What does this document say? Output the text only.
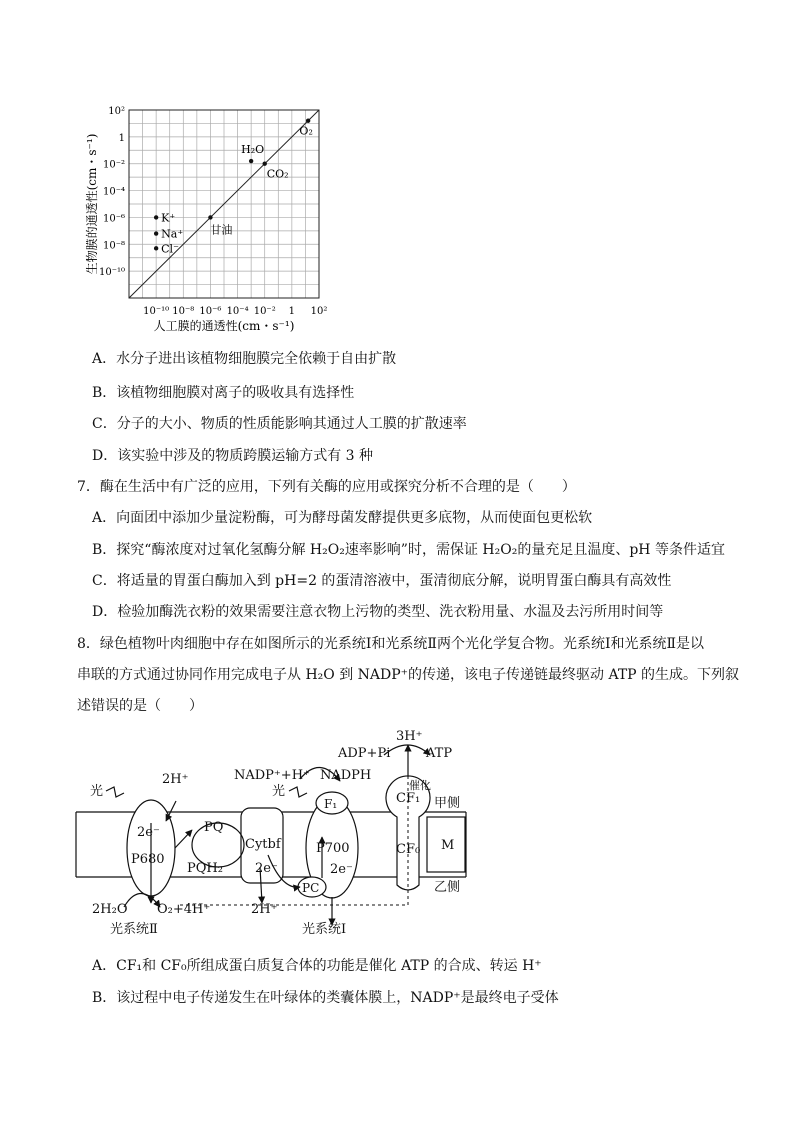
O₂
H₂O
CO₂
甘油
K⁺
Na⁺
Cl⁻
10⁻¹⁰ 10⁻⁸ 10⁻⁶ 10⁻⁴ 10⁻² 1 10²
10²
1
10⁻²
10⁻⁴
10⁻⁶
10⁻⁸
10⁻¹⁰
人工膜的通透性(cm・s⁻¹)
生物膜的通透性(cm・s⁻¹)
A．水分子进出该植物细胞膜完全依赖于自由扩散
B．该植物细胞膜对离子的吸收具有选择性
C．分子的大小、物质的性质能影响其通过人工膜的扩散速率
D．该实验中涉及的物质跨膜运输方式有 3 种
7．酶在生活中有广泛的应用，下列有关酶的应用或探究分析不合理的是（　　）
A．向面团中添加少量淀粉酶，可为酵母菌发酵提供更多底物，从而使面包更松软
B．探究“酶浓度对过氧化氢酶分解 H₂O₂速率影响”时，需保证 H₂O₂的量充足且温度、pH 等条件适宜
C．将适量的胃蛋白酶加入到 pH=2 的蛋清溶液中，蛋清彻底分解，说明胃蛋白酶具有高效性
D．检验加酶洗衣粉的效果需要注意衣物上污物的类型、洗衣粉用量、水温及去污所用时间等
8．绿色植物叶肉细胞中存在如图所示的光系统Ⅰ和光系统Ⅱ两个光化学复合物。光系统Ⅰ和光系统Ⅱ是以
串联的方式通过协同作用完成电子从 H₂O 到 NADP⁺的传递，该电子传递链最终驱动 ATP 的生成。下列叙
述错误的是（　　）
光	光
2H⁺
2e⁻
P680
PQ
PQH₂
Cytbf
2e⁻
PC
P700
2e⁻
F₁
NADP⁺+H⁺ NADPH
ADP+Pi	ATP
3H⁺
催化
CF₁
CF₀ M
甲侧
乙侧
2H₂O O₂+4H⁺	2H⁺
光系统Ⅱ	光系统Ⅰ
A．CF₁和 CF₀所组成蛋白质复合体的功能是催化 ATP 的合成、转运 H⁺
B．该过程中电子传递发生在叶绿体的类囊体膜上，NADP⁺是最终电子受体
